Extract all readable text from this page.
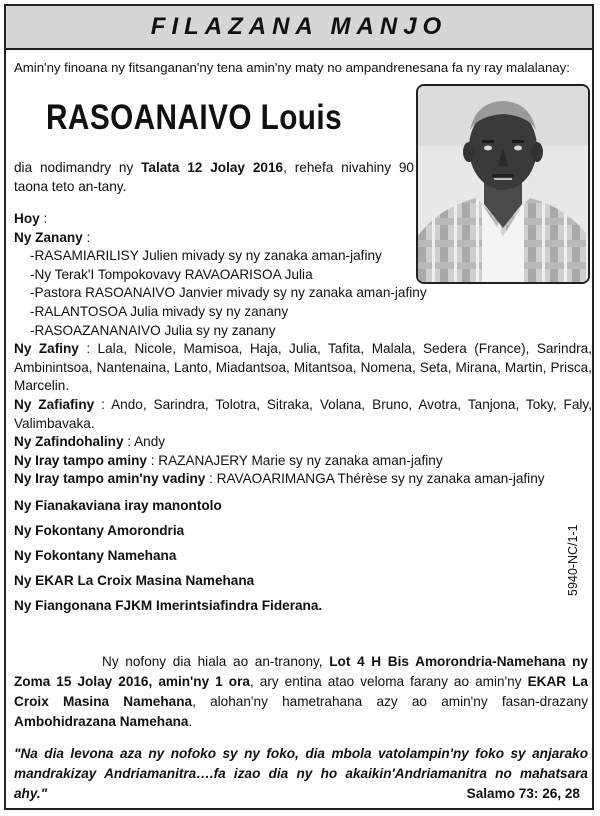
FILAZANA MANJO
Amin'ny finoana ny fitsanganan'ny tena amin'ny maty no ampandrenesana fa ny ray malalanay:
RASOANAIVO Louis
dia nodimandry ny Talata 12 Jolay 2016, rehefa nivahiny 90 taona teto an-tany.
Hoy :
Ny Zanany :
-RASAMIARILISY Julien mivady sy ny zanaka aman-jafiny
-Ny Terak'I Tompokovavy RAVAOARISOA Julia
-Pastora RASOANAIVO Janvier mivady sy ny zanaka aman-jafiny
-RALANTOSOA Julia mivady sy ny zanany
-RASOAZANANAIVO Julia sy ny zanany
Ny Zafiny : Lala, Nicole, Mamisoa, Haja, Julia, Tafita, Malala, Sedera (France), Sarindra, Ambinintsoa, Nantenaina, Lanto, Miadantsoa, Mitantsoa, Nomena, Seta, Mirana, Martin, Prisca, Marcelin.
Ny Zafiafiny : Ando, Sarindra, Tolotra, Sitraka, Volana, Bruno, Avotra, Tanjona, Toky, Faly, Valimbavaka.
Ny Zafindohaliny : Andy
Ny Iray tampo aminy : RAZANAJERY Marie sy ny zanaka aman-jafiny
Ny Iray tampo amin'ny vadiny : RAVAOARIMANGA Thérèse sy ny zanaka aman-jafiny
Ny Fianakaviana iray manontolo
Ny Fokontany Amorondria
Ny Fokontany Namehana
Ny EKAR La Croix Masina Namehana
Ny Fiangonana FJKM Imerintsiafindra Fiderana.
5940-NC/1-1
Ny nofony dia hiala ao an-tranony, Lot 4 H Bis Amorondria-Namehana ny Zoma 15 Jolay 2016, amin'ny 1 ora, ary entina atao veloma farany ao amin'ny EKAR La Croix Masina Namehana, alohan'ny hametrahana azy ao amin'ny fasan-drazany Ambohidrazana Namehana.
"Na dia levona aza ny nofoko sy ny foko, dia mbola vatolampin'ny foko sy anjarako mandrakizay Andriamanitra….fa izao dia ny ho akaikin'Andriamanitra no mahatsara ahy."	Salamo 73: 26, 28
